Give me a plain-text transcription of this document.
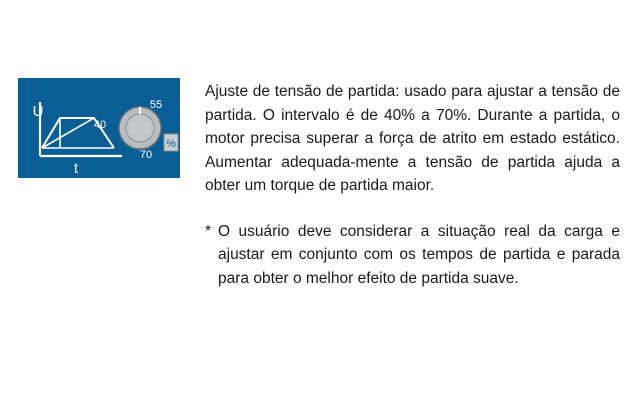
40
70
55
U
t
%

Ajuste de tensão de partida: usado para ajustar a tensão de partida. O intervalo é de 40% a 70%. Durante a partida, o motor precisa superar a força de atrito em estado estático. Aumentar adequada-mente a tensão de partida ajuda a obter um torque de partida maior.

* O usuário deve considerar a situação real da carga e ajustar em conjunto com os tempos de partida e parada para obter o melhor efeito de partida suave.
